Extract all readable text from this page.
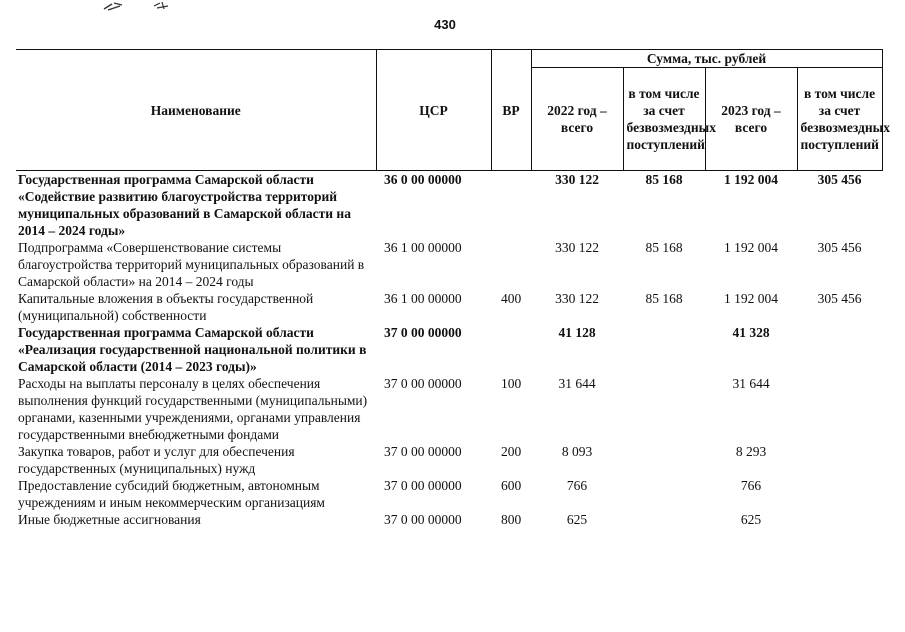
430
Наименование	ЦСР	ВР	Сумма, тыс. рублей			
			2022 год – всего	в том числе за счет безвозмездных поступлений	2023 год – всего	в том числе за счет безвозмездных поступлений
Государственная программа Самарской области «Содействие развитию благоустройства территорий муниципальных образований в Самарской области на 2014 – 2024 годы»	36 0 00 00000		330 122	85 168	1 192 004	305 456
Подпрограмма «Совершенствование системы благоустройства территорий муниципальных образований в Самарской области» на 2014 – 2024 годы	36 1 00 00000		330 122	85 168	1 192 004	305 456
Капитальные вложения в объекты государственной (муниципальной) собственности	36 1 00 00000	400	330 122	85 168	1 192 004	305 456
Государственная программа Самарской области «Реализация государственной национальной политики в Самарской области (2014 – 2023 годы)»	37 0 00 00000		41 128		41 328	
Расходы на выплаты персоналу в целях обеспечения выполнения функций государственными (муниципальными) органами, казенными учреждениями, органами управления государственными внебюджетными фондами	37 0 00 00000	100	31 644		31 644	
Закупка товаров, работ и услуг для обеспечения государственных (муниципальных) нужд	37 0 00 00000	200	8 093		8 293	
Предоставление субсидий бюджетным, автономным учреждениям и иным некоммерческим организациям	37 0 00 00000	600	766		766	
Иные бюджетные ассигнования	37 0 00 00000	800	625		625	
